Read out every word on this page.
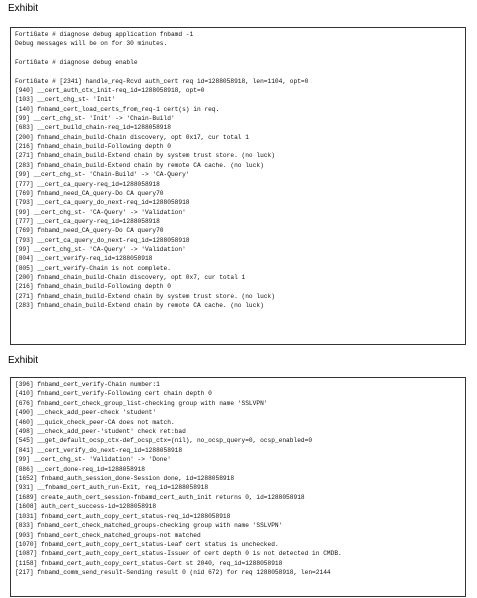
Exhibit
FortiGate # diagnose debug application fnbamd -1
Debug messages will be on for 30 minutes.
FortiGate # diagnose debug enable
FortiGate # [2341] handle_req-Rcvd auth_cert req id=1288058918, len=1104, opt=0
[940] __cert_auth_ctx_init-req_id=1288058918, opt=0
[103] __cert_chg_st- 'Init'
[140] fnbamd_cert_load_certs_from_req-1 cert(s) in req.
[99] __cert_chg_st- 'Init' -> 'Chain-Build'
[683] __cert_build_chain-req_id=1288058918
[200] fnbamd_chain_build-Chain discovery, opt 0x17, cur total 1
[216] fnbamd_chain_build-Following depth 0
[271] fnbamd_chain_build-Extend chain by system trust store. (no luck)
[283] fnbamd_chain_build-Extend chain by remote CA cache. (no luck)
[99] __cert_chg_st- 'Chain-Build' -> 'CA-Query'
[777] __cert_ca_query-req_id=1288058918
[769] fnbamd_need_CA_query-Do CA query70
[793] __cert_ca_query_do_next-req_id=1288058918
[99] __cert_chg_st- 'CA-Query' -> 'Validation'
[777] __cert_ca_query-req_id=1288058918
[769] fnbamd_need_CA_query-Do CA query70
[793] __cert_ca_query_do_next-req_id=1288058918
[99] __cert_chg_st- 'CA-Query' -> 'Validation'
[804] __cert_verify-req_id=1288058918
[805] __cert_verify-Chain is not complete.
[200] fnbamd_chain_build-Chain discovery, opt 0x7, cur total 1
[216] fnbamd_chain_build-Following depth 0
[271] fnbamd_chain_build-Extend chain by system trust store. (no luck)
[283] fnbamd_chain_build-Extend chain by remote CA cache. (no luck)
Exhibit
[396] fnbamd_cert_verify-Chain number:1
[410] fnbamd_cert_verify-Following cert chain depth 0
[676] fnbamd_cert_check_group_list-checking group with name 'SSLVPN'
[490] __check_add_peer-check 'student'
[460] __quick_check_peer-CA does not match.
[498] __check_add_peer-'student' check ret:bad
[545] __get_default_ocsp_ctx-def_ocsp_ctx=(nil), no_ocsp_query=0, ocsp_enabled=0
[841] __cert_verify_do_next-req_id=1288058918
[99] __cert_chg_st- 'Validation' -> 'Done'
[886] __cert_done-req_id=1288058918
[1652] fnbamd_auth_session_done-Session done, id=1288058918
[931] __fnbamd_cert_auth_run-Exit, req_id=1288058918
[1689] create_auth_cert_session-fnbamd_cert_auth_init returns 0, id=1288058918
[1608] auth_cert_success-id=1288058918
[1031] fnbamd_cert_auth_copy_cert_status-req_id=1288058918
[833] fnbamd_cert_check_matched_groups-checking group with name 'SSLVPN'
[903] fnbamd_cert_check_matched_groups-not matched
[1070] fnbamd_cert_auth_copy_cert_status-Leaf cert status is unchecked.
[1087] fnbamd_cert_auth_copy_cert_status-Issuer of cert depth 0 is not detected in CMDB.
[1158] fnbamd_cert_auth_copy_cert_status-Cert st 2040, req_id=1288058918
[217] fnbamd_comm_send_result-Sending result 0 (nid 672) for req 1288058918, len=2144
